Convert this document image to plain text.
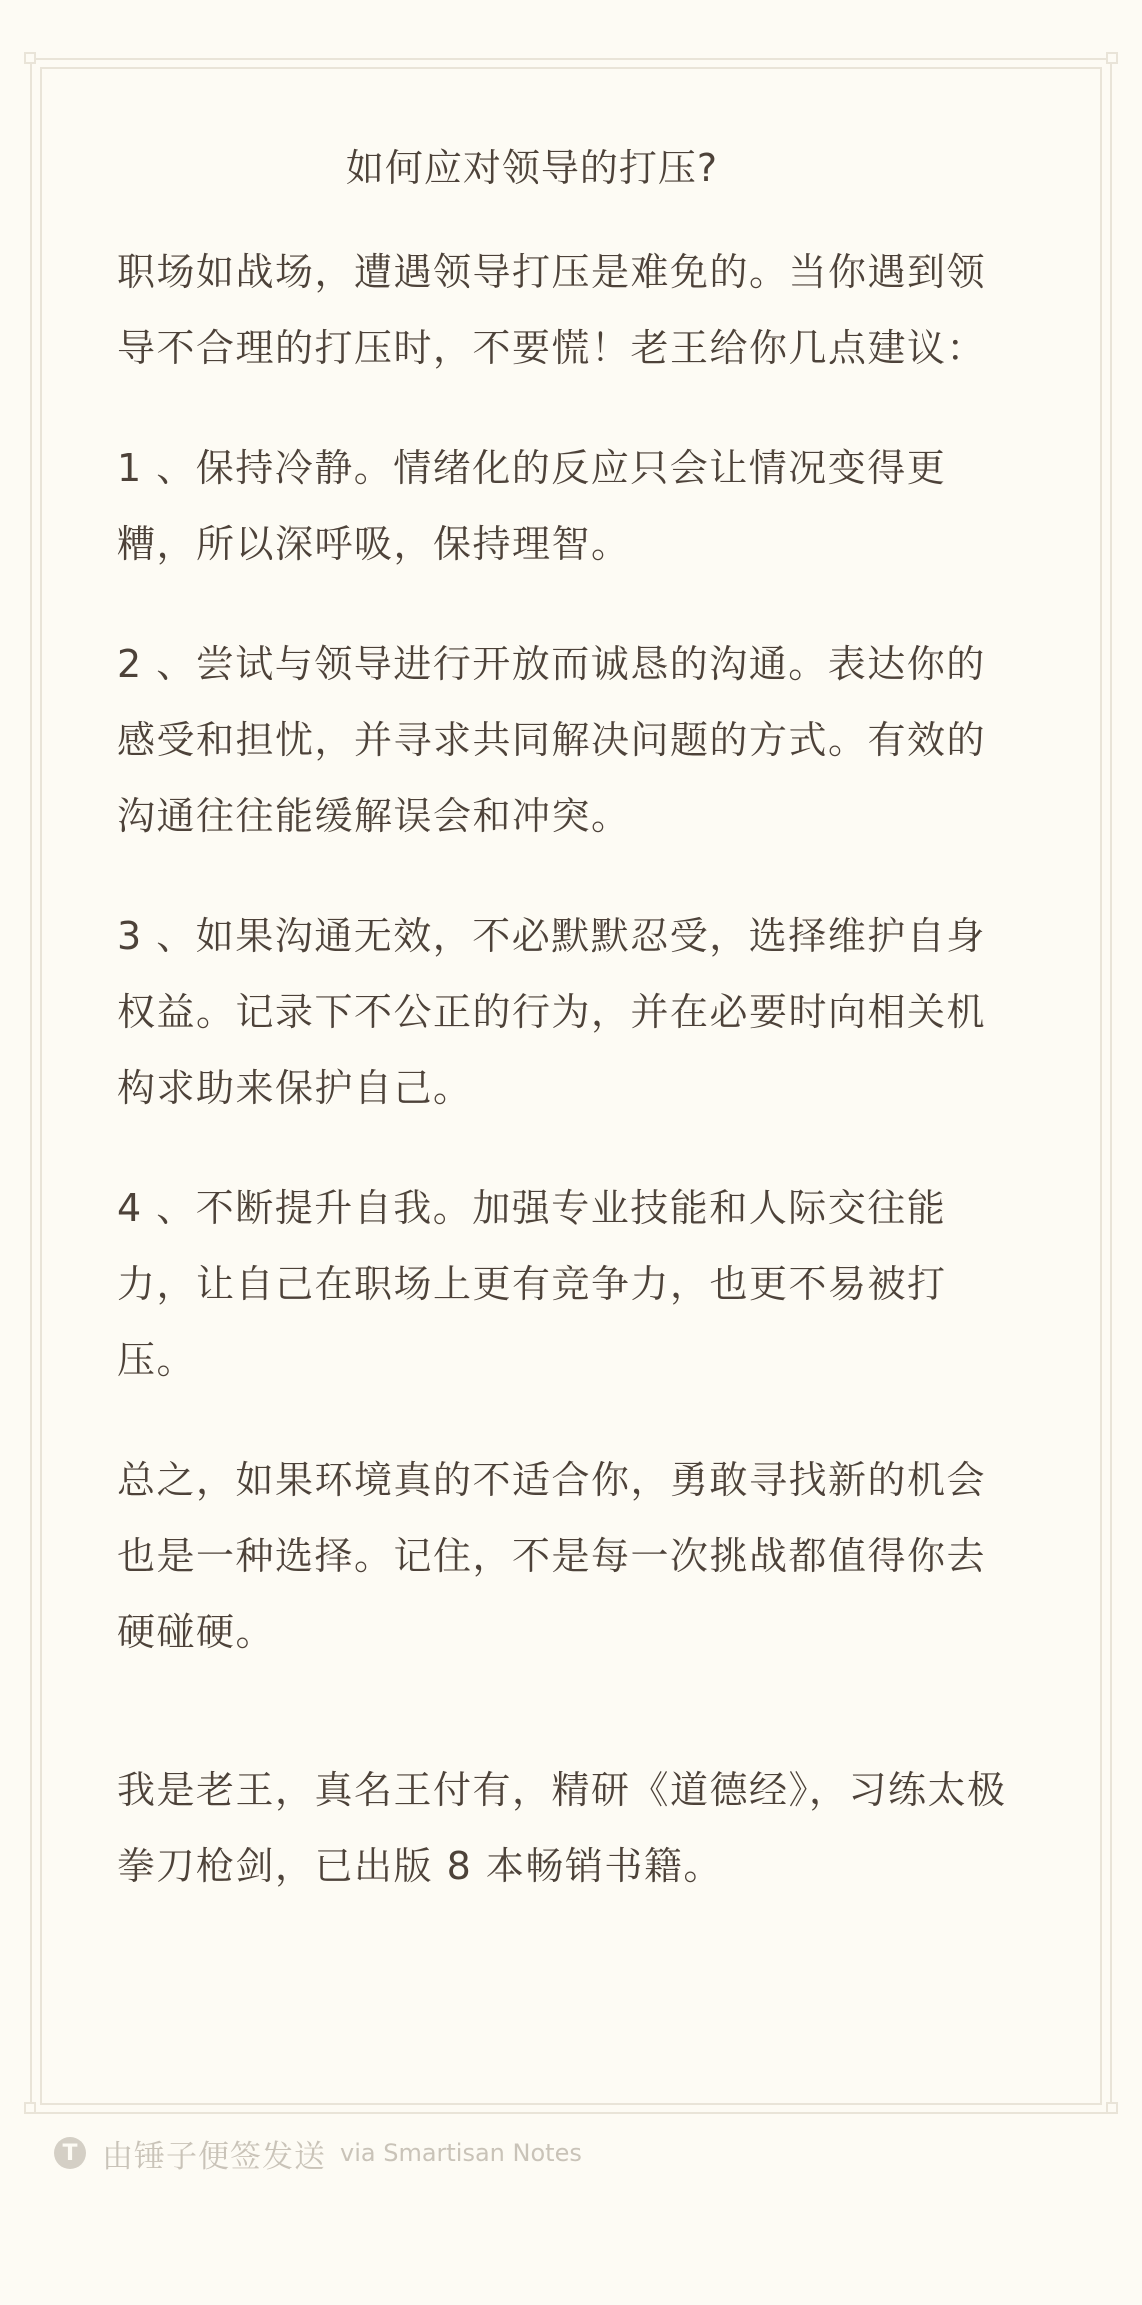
如何应对领导的打压?

职场如战场，遭遇领导打压是难免的。当你遇到领导不合理的打压时，不要慌！老王给你几点建议：

1 、保持冷静。情绪化的反应只会让情况变得更糟，所以深呼吸，保持理智。

2 、尝试与领导进行开放而诚恳的沟通。表达你的感受和担忧，并寻求共同解决问题的方式。有效的沟通往往能缓解误会和冲突。

3 、如果沟通无效，不必默默忍受，选择维护自身权益。记录下不公正的行为，并在必要时向相关机构求助来保护自己。

4 、不断提升自我。加强专业技能和人际交往能力，让自己在职场上更有竞争力，也更不易被打压。

总之，如果环境真的不适合你，勇敢寻找新的机会也是一种选择。记住，不是每一次挑战都值得你去硬碰硬。

我是老王，真名王付有，精研《道德经》，习练太极拳刀枪剑，已出版 8 本畅销书籍。

T 由锤子便签发送 via Smartisan Notes
